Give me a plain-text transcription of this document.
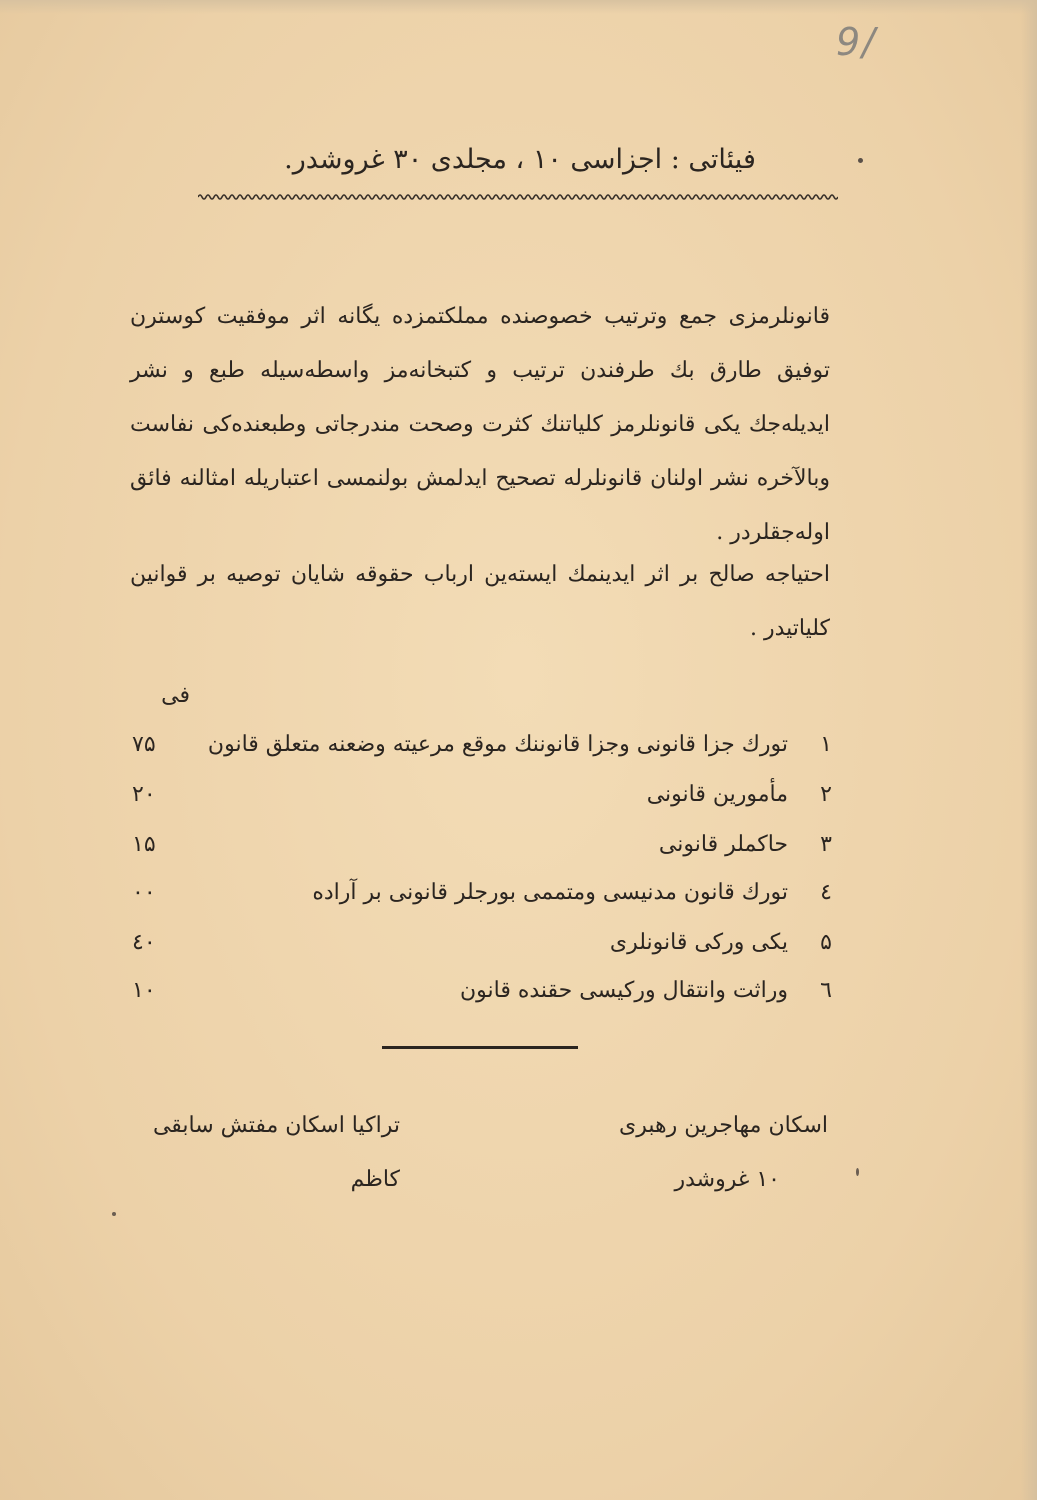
9/
فیئاتی : اجزاسی ۱۰ ، مجلدی ۳۰ غروشدر.
قانونلرمزی جمع وترتیب خصوصنده مملکتمزده یگانه اثر موفقیت کوسترن توفیق طارق بك طرفندن ترتیب و کتبخانه‌مز واسطه‌سیله طبع و نشر ایدیله‌جك یکی قانونلرمز کلیاتنك کثرت وصحت مندرجاتی وطبعنده‌کی نفاست وبالآخره نشر اولنان قانونلرله تصحیح ایدلمش بولنمسی اعتباریله امثالنه فائق اوله‌جقلردر .
احتیاجه صالح بر اثر ایدینمك ایسته‌ین ارباب حقوقه شایان توصیه بر قوانین کلیاتیدر .
فی
۱
تورك جزا قانونی وجزا قانوننك موقع مرعیته وضعنه متعلق قانون
۷۵
۲
مأمورین قانونی
۲۰
۳
حاکملر قانونی
۱۵
٤
تورك قانون مدنیسی ومتممی بورجلر قانونی بر آراده
۰۰
۵
یکی ورکی قانونلری
٤۰
٦
وراثت وانتقال ورکیسی حقنده قانون
۱۰
اسکان مهاجرین رهبری
۱۰ غروشدر
تراکیا اسکان مفتش سابقی
کاظم
